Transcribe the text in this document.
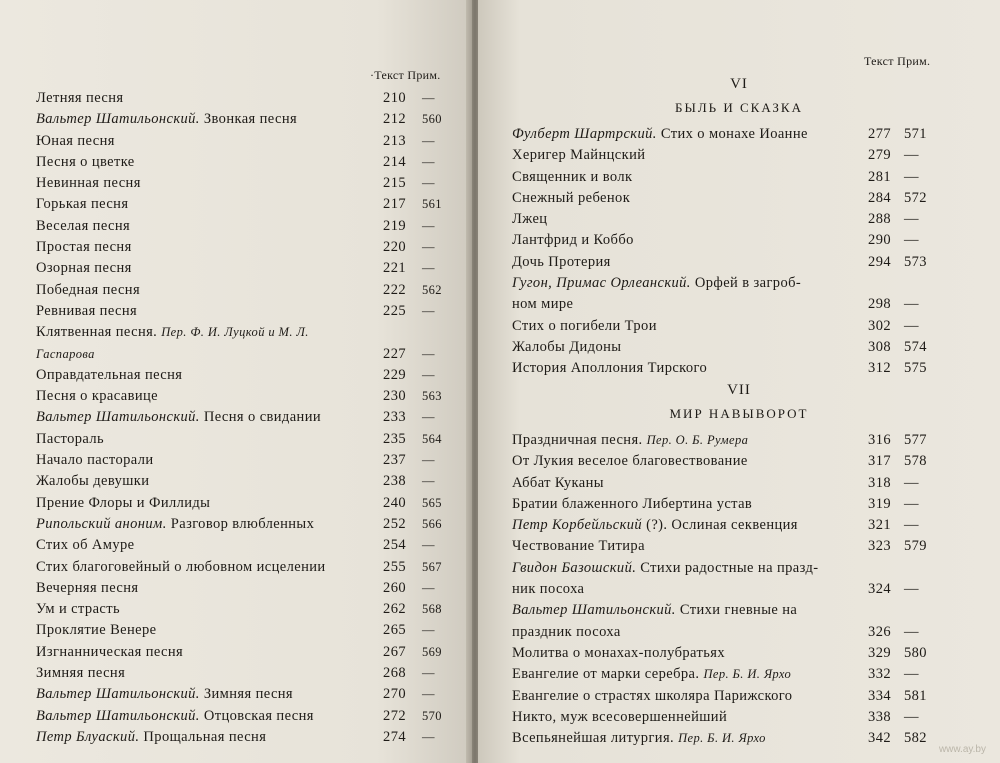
·Текст Прим.
Летняя песня	210 —
Вальтер Шатильонский. Звонкая песня	212 560
Юная песня	213 —
Песня о цветке	214 —
Невинная песня	215 —
Горькая песня	217 561
Веселая песня	219 —
Простая песня	220 —
Озорная песня	221 —
Победная песня	222 562
Ревнивая песня	225 —
Клятвенная песня. Пер. Ф. И. Луцкой и М. Л.
Гаспарова	227 —
Оправдательная песня	229 —
Песня о красавице	230 563
Вальтер Шатильонский. Песня о свидании	233 —
Пастораль	235 564
Начало пасторали	237 —
Жалобы девушки	238 —
Прение Флоры и Филлиды	240 565
Рипольский аноним. Разговор влюбленных	252 566
Стих об Амуре	254 —
Стих благоговейный о любовном исцелении	255 567
Вечерняя песня	260 —
Ум и страсть	262 568
Проклятие Венере	265 —
Изгнанническая песня	267 569
Зимняя песня	268 —
Вальтер Шатильонский. Зимняя песня	270 —
Вальтер Шатильонский. Отцовская песня	272 570
Петр Блуаский. Прощальная песня	274 —
Текст Прим.
VI
БЫЛЬ И СКАЗКА
Фулберт Шартрский. Стих о монахе Иоанне	277 571
Херигер Майнцский	279 —
Священник и волк	281 —
Снежный ребенок	284 572
Лжец	288 —
Лантфрид и Коббо	290 —
Дочь Протерия	294 573
Гугон, Примас Орлеанский. Орфей в загроб-
ном мире	298 —
Стих о погибели Трои	302 —
Жалобы Дидоны	308 574
История Аполлония Тирского	312 575
VII
МИР НАВЫВОРОТ
Праздничная песня. Пер. О. Б. Румера	316 577
От Лукия веселое благовествование	317 578
Аббат Куканы	318 —
Братии блаженного Либертина устав	319 —
Петр Корбейльский (?). Ослиная секвенция	321 —
Чествование Титира	323 579
Гвидон Базошский. Стихи радостные на празд-
ник посоха	324 —
Вальтер Шатильонский. Стихи гневные на
праздник посоха	326 —
Молитва о монахах-полубратьях	329 580
Евангелие от марки серебра. Пер. Б. И. Ярхо	332 —
Евангелие о страстях школяра Парижского	334 581
Никто, муж всесовершеннейший	338 —
Всепьянейшая литургия. Пер. Б. И. Ярхо	342 582
www.ay.by
